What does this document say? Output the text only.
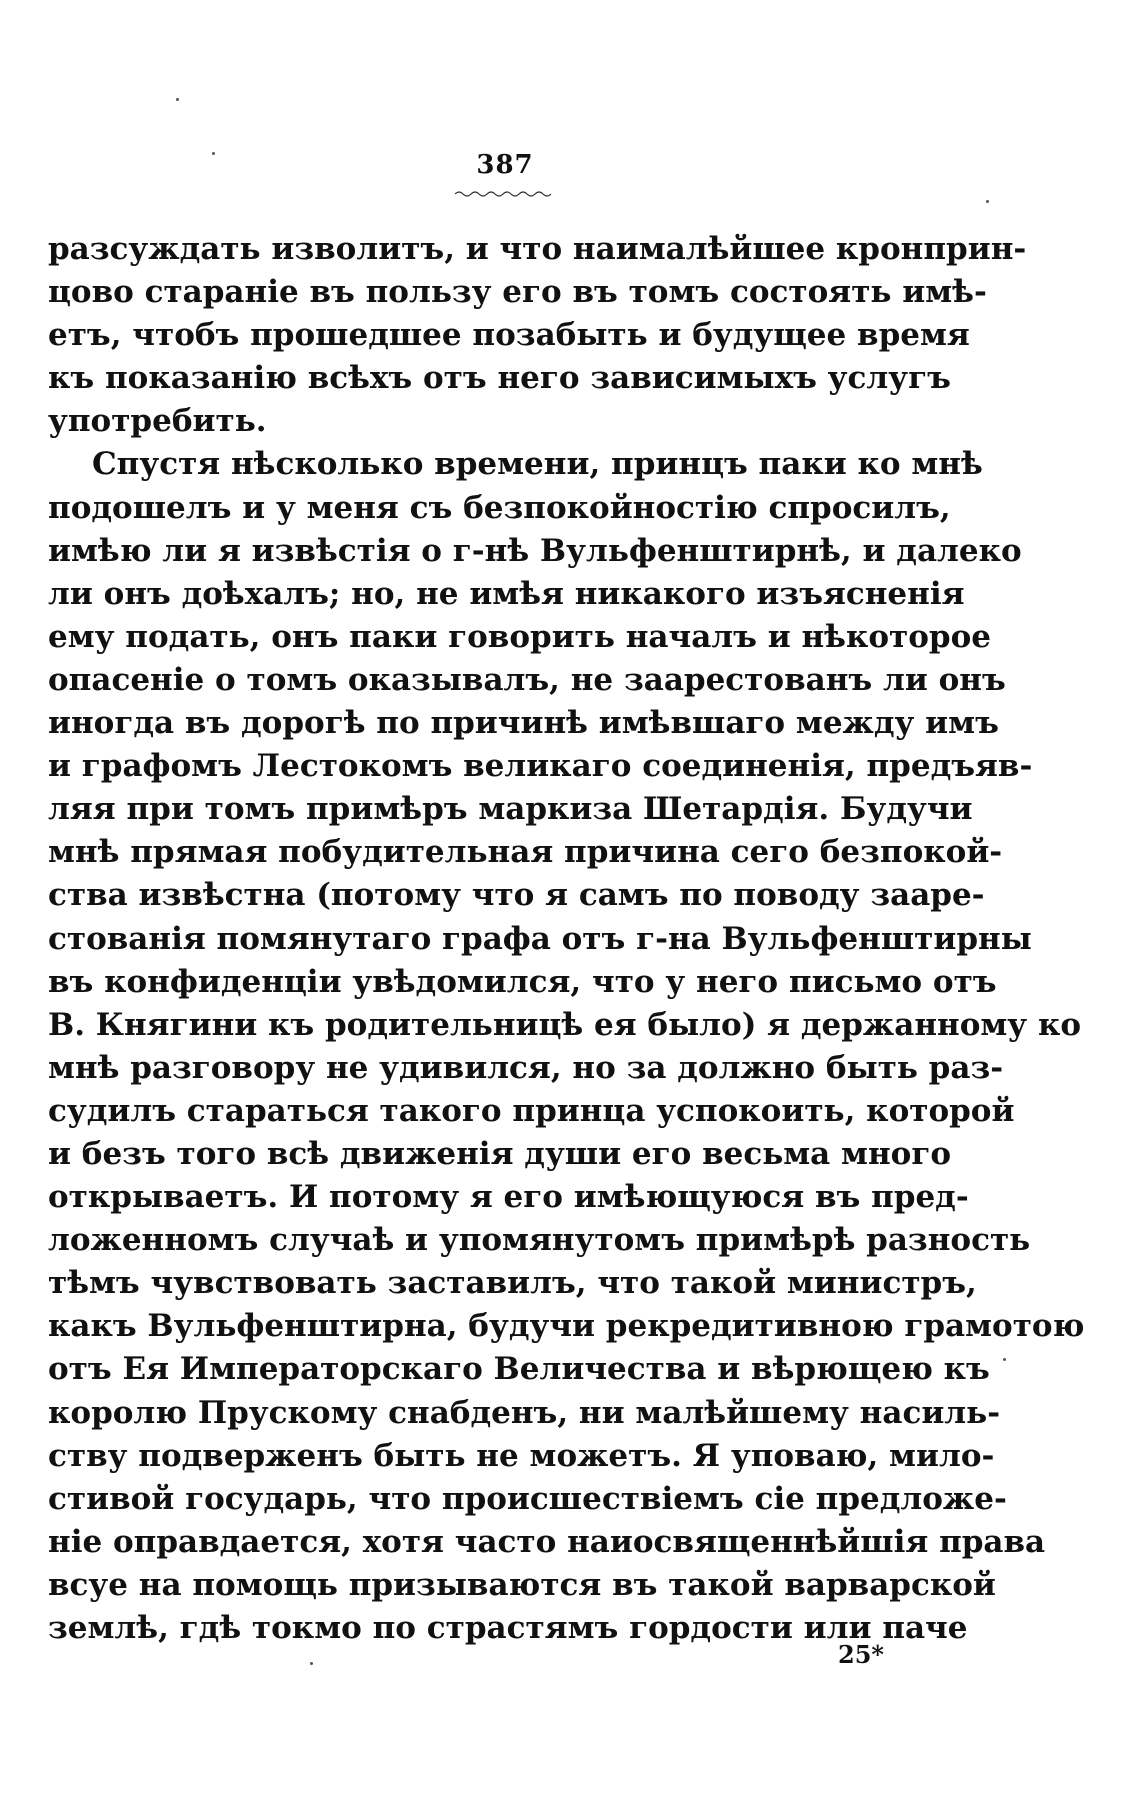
387
разсуждать изволитъ, и что наималѣйшее кронприн-
цово стараніе въ пользу его въ томъ состоять имѣ-
етъ, чтобъ прошедшее позабыть и будущее время
къ показанію всѣхъ отъ него зависимыхъ услугъ
употребить.
Спустя нѣсколько времени, принцъ паки ко мнѣ
подошелъ и у меня съ безпокойностію спросилъ,
имѣю ли я извѣстія о г-нѣ Вульфенштирнѣ, и далеко
ли онъ доѣхалъ; но, не имѣя никакого изъясненія
ему подать, онъ паки говорить началъ и нѣкоторое
опасеніе о томъ оказывалъ, не заарестованъ ли онъ
иногда въ дорогѣ по причинѣ имѣвшаго между имъ
и графомъ Лестокомъ великаго соединенія, предъяв-
ляя при томъ примѣръ маркиза Шетардія. Будучи
мнѣ прямая побудительная причина сего безпокой-
ства извѣстна (потому что я самъ по поводу зааре-
стованія помянутаго графа отъ г-на Вульфенштирны
въ конфиденціи увѣдомился, что у него письмо отъ
В. Княгини къ родительницѣ ея было) я держанному ко
мнѣ разговору не удивился, но за должно быть раз-
судилъ стараться такого принца успокоить, которой
и безъ того всѣ движенія души его весьма много
открываетъ. И потому я его имѣющуюся въ пред-
ложенномъ случаѣ и упомянутомъ примѣрѣ разность
тѣмъ чувствовать заставилъ, что такой министръ,
какъ Вульфенштирна, будучи рекредитивною грамотою
отъ Ея Императорскаго Величества и вѣрющею къ
королю Прускому снабденъ, ни малѣйшему насиль-
ству подверженъ быть не можетъ. Я уповаю, мило-
стивой государь, что происшествіемъ сіе предложе-
ніе оправдается, хотя часто наиосвященнѣйшія права
всуе на помощь призываются въ такой варварской
землѣ, гдѣ токмо по страстямъ гордости или паче
25*
